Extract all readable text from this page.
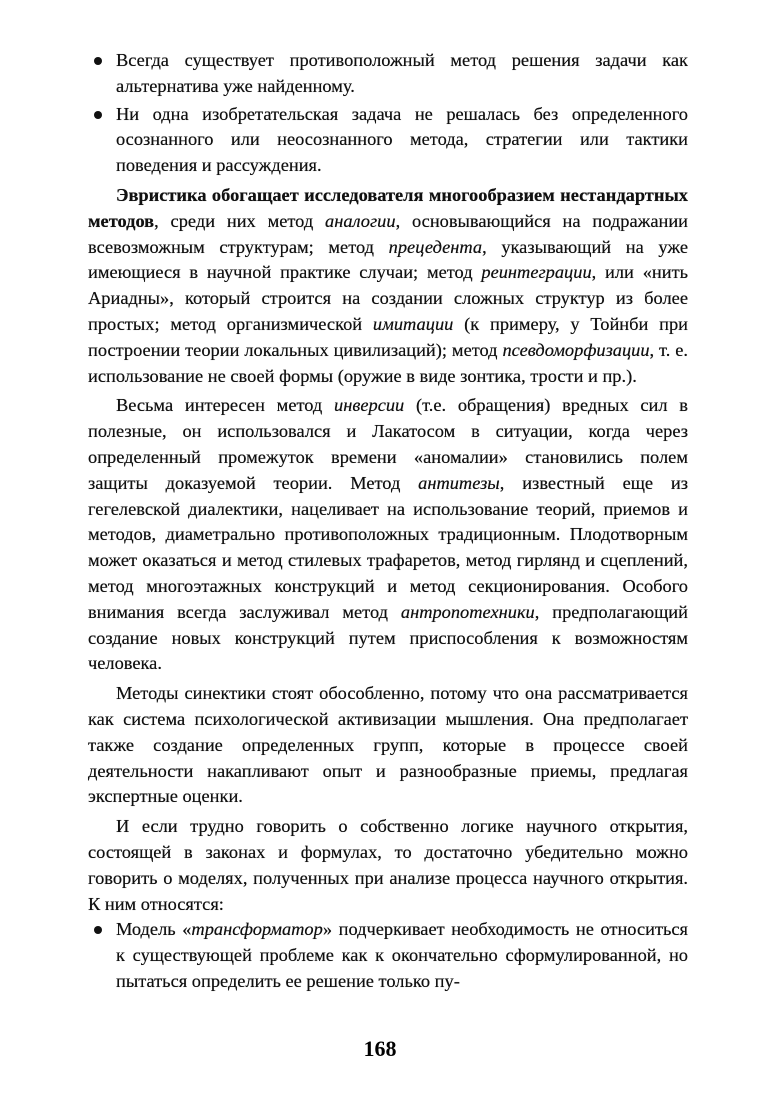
Всегда существует противоположный метод решения задачи как альтернатива уже найденному.
Ни одна изобретательская задача не решалась без определенного осознанного или неосознанного метода, стратегии или тактики поведения и рассуждения.

Эвристика обогащает исследователя многообразием нестандартных методов, среди них метод аналогии, основывающийся на подражании всевозможным структурам; метод прецедента, указывающий на уже имеющиеся в научной практике случаи; метод реинтеграции, или «нить Ариадны», который строится на создании сложных структур из более простых; метод организмической имитации (к примеру, у Тойнби при построении теории локальных цивилизаций); метод псевдоморфизации, т. е. использование не своей формы (оружие в виде зонтика, трости и пр.).

Весьма интересен метод инверсии (т.е. обращения) вредных сил в полезные, он использовался и Лакатосом в ситуации, когда через определенный промежуток времени «аномалии» становились полем защиты доказуемой теории. Метод антитезы, известный еще из гегелевской диалектики, нацеливает на использование теорий, приемов и методов, диаметрально противоположных традиционным. Плодотворным может оказаться и метод стилевых трафаретов, метод гирлянд и сцеплений, метод многоэтажных конструкций и метод секционирования. Особого внимания всегда заслуживал метод антропотехники, предполагающий создание новых конструкций путем приспособления к возможностям человека.

Методы синектики стоят обособленно, потому что она рассматривается как система психологической активизации мышления. Она предполагает также создание определенных групп, которые в процессе своей деятельности накапливают опыт и разнообразные приемы, предлагая экспертные оценки.

И если трудно говорить о собственно логике научного открытия, состоящей в законах и формулах, то достаточно убедительно можно говорить о моделях, полученных при анализе процесса научного открытия. К ним относятся:

Модель «трансформатор» подчеркивает необходимость не относиться к существующей проблеме как к окончательно сформулированной, но пытаться определить ее решение только пу-
168
